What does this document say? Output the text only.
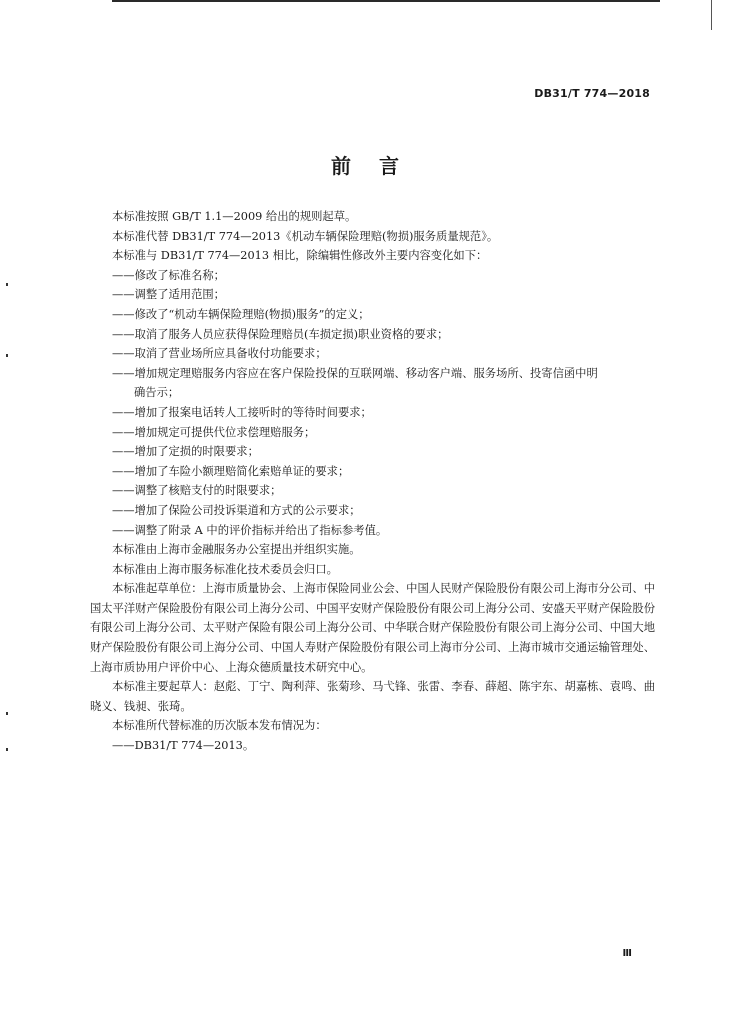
DB31/T 774—2018
前言

本标准按照 GB/T 1.1—2009 给出的规则起草。

本标准代替 DB31/T 774—2013《机动车辆保险理赔(物损)服务质量规范》。

本标准与 DB31/T 774—2013 相比，除编辑性修改外主要内容变化如下：

——修改了标准名称；

——调整了适用范围；

——修改了“机动车辆保险理赔(物损)服务”的定义；

——取消了服务人员应获得保险理赔员(车损定损)职业资格的要求；

——取消了营业场所应具备收付功能要求；

——增加规定理赔服务内容应在客户保险投保的互联网端、移动客户端、服务场所、投寄信函中明

确告示；

——增加了报案电话转人工接听时的等待时间要求；

——增加规定可提供代位求偿理赔服务；

——增加了定损的时限要求；

——增加了车险小额理赔简化索赔单证的要求；

——调整了核赔支付的时限要求；

——增加了保险公司投诉渠道和方式的公示要求；

——调整了附录 A 中的评价指标并给出了指标参考值。

本标准由上海市金融服务办公室提出并组织实施。

本标准由上海市服务标准化技术委员会归口。

本标准起草单位：上海市质量协会、上海市保险同业公会、中国人民财产保险股份有限公司上海市分公司、中国太平洋财产保险股份有限公司上海分公司、中国平安财产保险股份有限公司上海分公司、安盛天平财产保险股份有限公司上海分公司、太平财产保险有限公司上海分公司、中华联合财产保险股份有限公司上海分公司、中国大地财产保险股份有限公司上海分公司、中国人寿财产保险股份有限公司上海市分公司、上海市城市交通运输管理处、上海市质协用户评价中心、上海众德质量技术研究中心。

本标准主要起草人：赵彪、丁宁、陶利萍、张菊珍、马弋锋、张雷、李春、薛超、陈宇东、胡嘉栋、袁鸣、曲晓义、钱昶、张琦。

本标准所代替标准的历次版本发布情况为：

——DB31/T 774—2013。

Ⅲ
